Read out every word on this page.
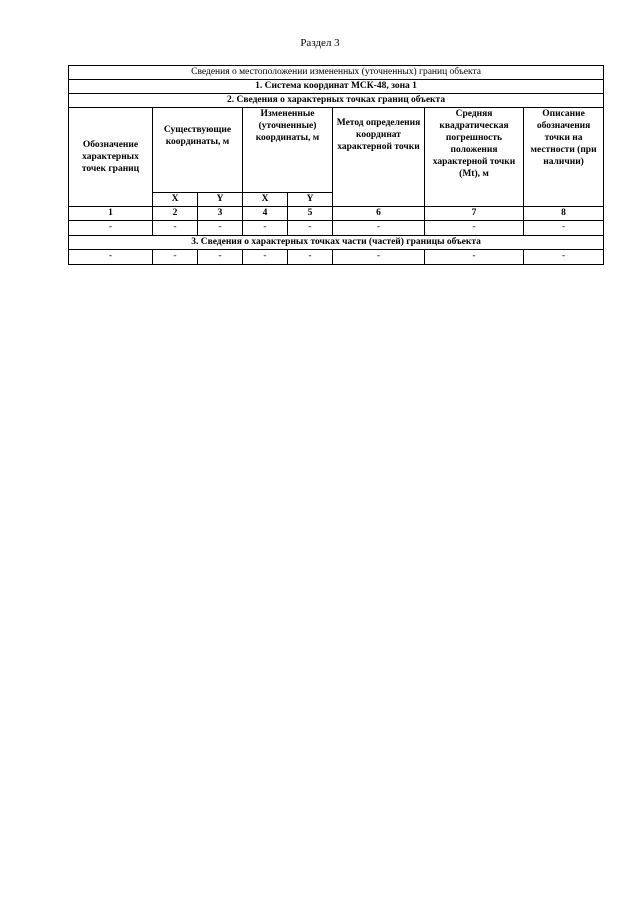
Раздел 3
Сведения о местоположении измененных (уточненных) границ объекта							
1. Система координат МСК-48, зона 1							
2. Сведения о характерных точках границ объекта							
Обозначение характерных точек границ	Существующие координаты, м		Измененные (уточненные) координаты, м		Метод определения координат характерной точки	Средняя квадратическая погрешность положения характерной точки (Mt), м	Описание обозначения точки на местности (при наличии)
	X	Y	X	Y			
1	2	3	4	5	6	7	8
-	-	-	-	-	-	-	-
3. Сведения о характерных точках части (частей) границы объекта							
-	-	-	-	-	-	-	-
